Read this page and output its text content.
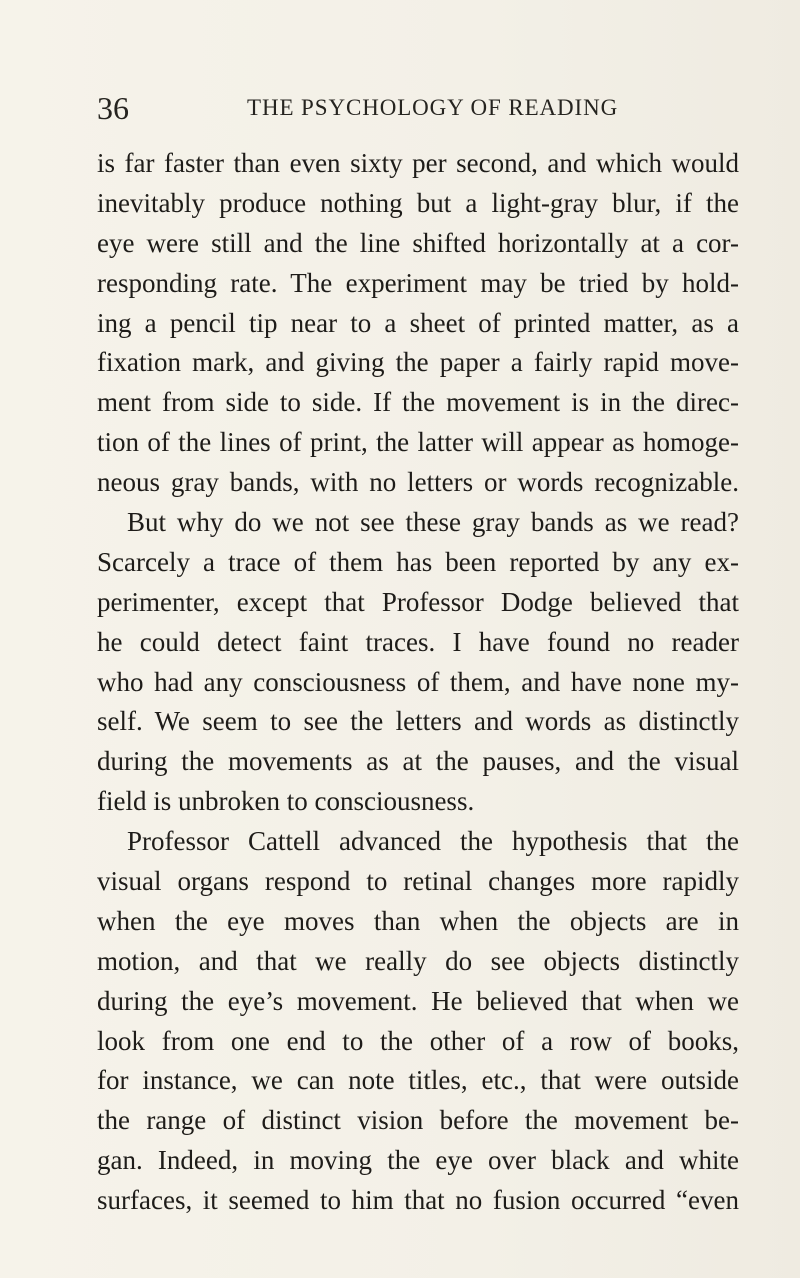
36	THE PSYCHOLOGY OF READING
is far faster than even sixty per second, and which would
inevitably produce nothing but a light-gray blur, if the
eye were still and the line shifted horizontally at a cor-
responding rate. The experiment may be tried by hold-
ing a pencil tip near to a sheet of printed matter, as a
fixation mark, and giving the paper a fairly rapid move-
ment from side to side. If the movement is in the direc-
tion of the lines of print, the latter will appear as homoge-
neous gray bands, with no letters or words recognizable.
But why do we not see these gray bands as we read?
Scarcely a trace of them has been reported by any ex-
perimenter, except that Professor Dodge believed that
he could detect faint traces. I have found no reader
who had any consciousness of them, and have none my-
self. We seem to see the letters and words as distinctly
during the movements as at the pauses, and the visual
field is unbroken to consciousness.
Professor Cattell advanced the hypothesis that the
visual organs respond to retinal changes more rapidly
when the eye moves than when the objects are in
motion, and that we really do see objects distinctly
during the eye’s movement. He believed that when we
look from one end to the other of a row of books,
for instance, we can note titles, etc., that were outside
the range of distinct vision before the movement be-
gan. Indeed, in moving the eye over black and white
surfaces, it seemed to him that no fusion occurred “even
